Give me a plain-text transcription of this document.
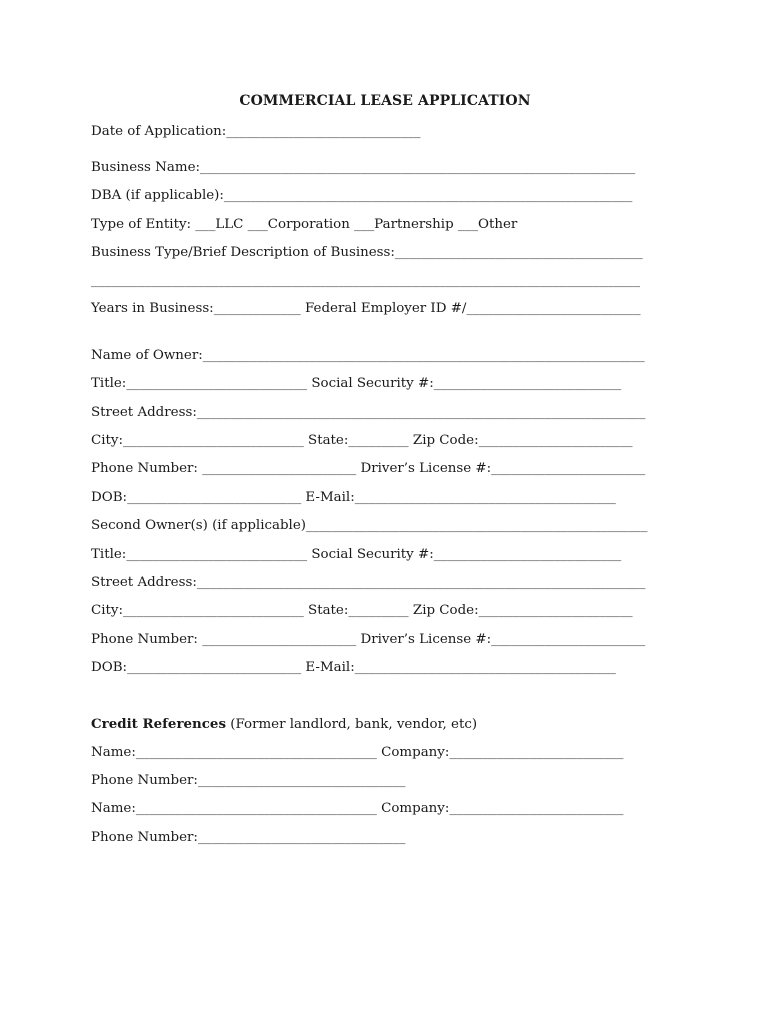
COMMERCIAL LEASE APPLICATION
Date of Application:_____________________________
Business Name:_________________________________________________________________
DBA (if applicable):_____________________________________________________________
Type of Entity: ___LLC ___Corporation ___Partnership ___Other
Business Type/Brief Description of Business:_____________________________________
__________________________________________________________________________________
Years in Business:_____________ Federal Employer ID #/__________________________
Name of Owner:__________________________________________________________________
Title:___________________________ Social Security #:____________________________
Street Address:___________________________________________________________________
City:___________________________ State:_________ Zip Code:_______________________
Phone Number: _______________________ Driver’s License #:_______________________
DOB:__________________________ E-Mail:_______________________________________
Second Owner(s) (if applicable)___________________________________________________
Title:___________________________ Social Security #:____________________________
Street Address:___________________________________________________________________
City:___________________________ State:_________ Zip Code:_______________________
Phone Number: _______________________ Driver’s License #:_______________________
DOB:__________________________ E-Mail:_______________________________________
Credit References (Former landlord, bank, vendor, etc)
Name:____________________________________ Company:__________________________
Phone Number:_______________________________
Name:____________________________________ Company:__________________________
Phone Number:_______________________________
